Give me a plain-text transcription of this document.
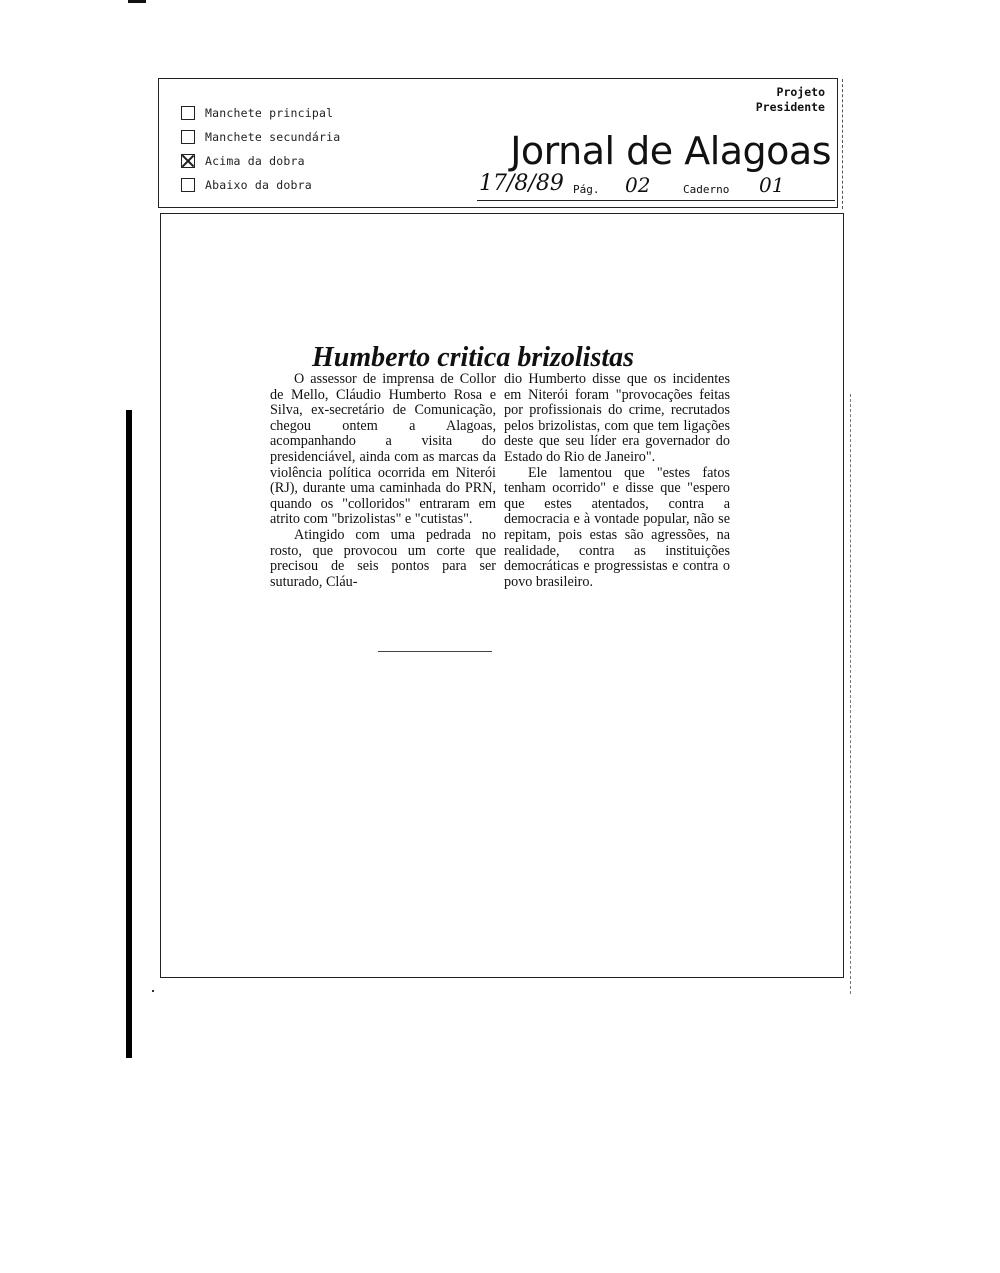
Manchete principal
Manchete secundária
Acima da dobra
Abaixo da dobra
Projeto
Presidente
Jornal de Alagoas
17/8/89 Pág. 02	Caderno 01
Humberto critica brizolistas

O assessor de imprensa de Collor de Mello, Cláudio Humberto Rosa e Silva, ex-secretário de Comunicação, chegou ontem a Alagoas, acompanhando a visita do presidenciável, ainda com as marcas da violência política ocorrida em Niterói (RJ), durante uma caminhada do PRN, quando os "colloridos" entraram em atrito com "brizolistas" e "cutistas".

Atingido com uma pedrada no rosto, que provocou um corte que precisou de seis pontos para ser suturado, Cláu-

dio Humberto disse que os incidentes em Niterói foram "provocações feitas por profissionais do crime, recrutados pelos brizolistas, com que tem ligações deste que seu líder era governador do Estado do Rio de Janeiro".

Ele lamentou que "estes fatos tenham ocorrido" e disse que "espero que estes atentados, contra a democracia e à vontade popular, não se repitam, pois estas são agressões, na realidade, contra as instituições democráticas e progressistas e contra o povo brasileiro.
